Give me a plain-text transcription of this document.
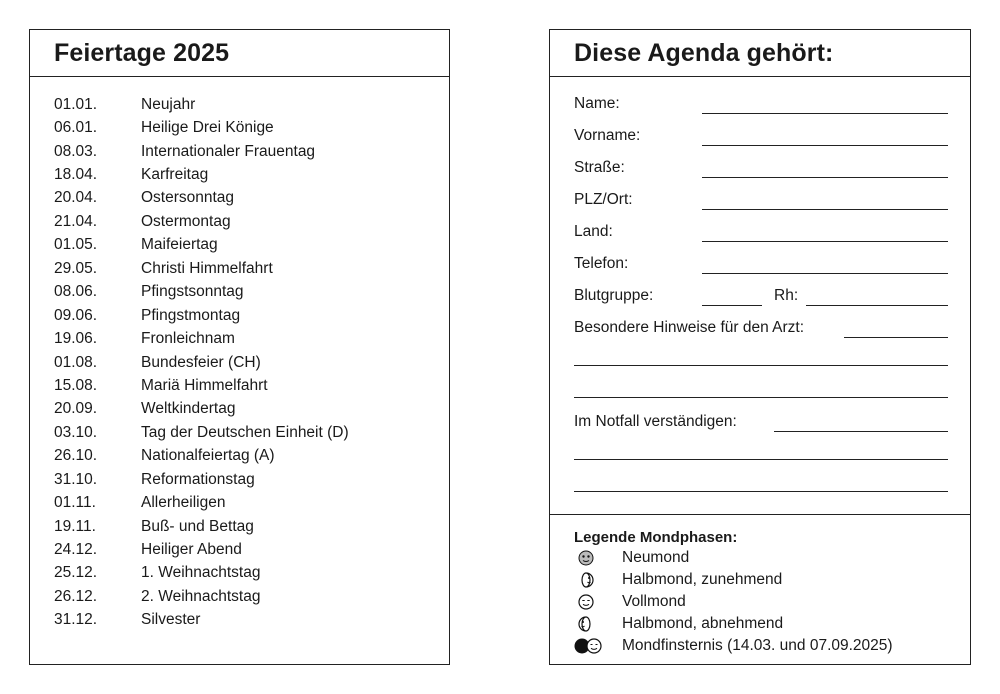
Feiertage 2025
01.01.	Neujahr
06.01.	Heilige Drei Könige
08.03.	Internationaler Frauentag
18.04.	Karfreitag
20.04.	Ostersonntag
21.04.	Ostermontag
01.05.	Maifeiertag
29.05.	Christi Himmelfahrt
08.06.	Pfingstsonntag
09.06.	Pfingstmontag
19.06.	Fronleichnam
01.08.	Bundesfeier (CH)
15.08.	Mariä Himmelfahrt
20.09.	Weltkindertag
03.10.	Tag der Deutschen Einheit (D)
26.10.	Nationalfeiertag (A)
31.10.	Reformationstag
01.11.	Allerheiligen
19.11.	Buß- und Bettag
24.12.	Heiliger Abend
25.12.	1. Weihnachtstag
26.12.	2. Weihnachtstag
31.12.	Silvester
Diese Agenda gehört:
Name:
Vorname:
Straße:
PLZ/Ort:
Land:
Telefon:
Blutgruppe:	Rh:
Besondere Hinweise für den Arzt:
Im Notfall verständigen:
Legende Mondphasen:
Neumond
Halbmond, zunehmend
Vollmond
Halbmond, abnehmend
Mondfinsternis (14.03. und 07.09.2025)
